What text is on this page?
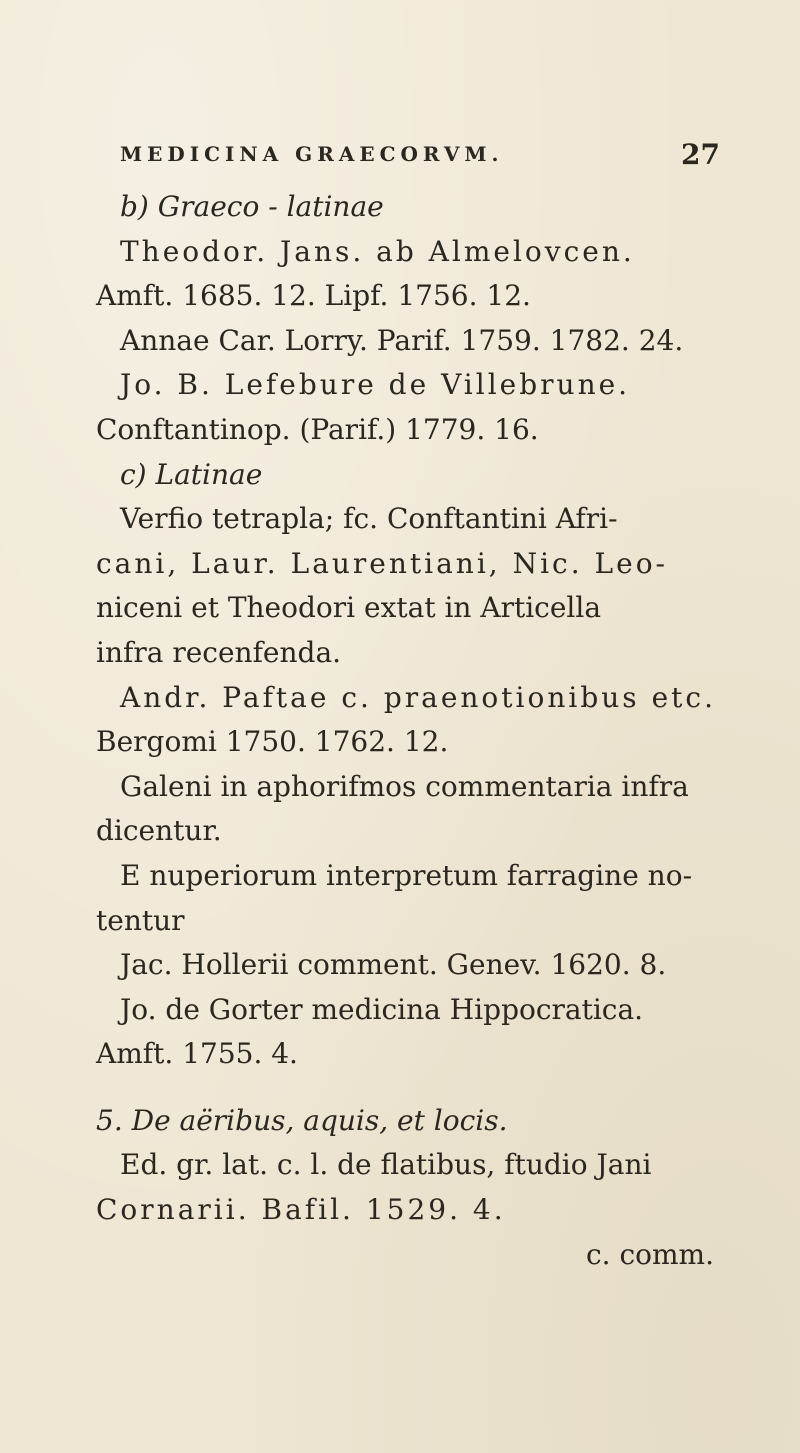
MEDICINA GRAECORVM.	27
b) Graeco - latinae
Theodor. Jans. ab Almelovcen.
Amft. 1685. 12. Lipf. 1756. 12.
Annae Car. Lorry. Parif. 1759. 1782. 24.
Jo. B. Lefebure de Villebrune.
Conftantinop. (Parif.) 1779. 16.
c) Latinae
Verfio tetrapla; fc. Conftantini Afri-
cani, Laur. Laurentiani, Nic. Leo-
niceni et Theodori extat in Articella
infra recenfenda.
Andr. Paftae c. praenotionibus etc.
Bergomi 1750. 1762. 12.
Galeni in aphorifmos commentaria infra
dicentur.
E nuperiorum interpretum farragine no-
tentur
Jac. Hollerii comment. Genev. 1620. 8.
Jo. de Gorter medicina Hippocratica.
Amft. 1755. 4.
5. De aëribus, aquis, et locis.
Ed. gr. lat. c. l. de flatibus, ftudio Jani
Cornarii. Bafil. 1529. 4.
c. comm.
